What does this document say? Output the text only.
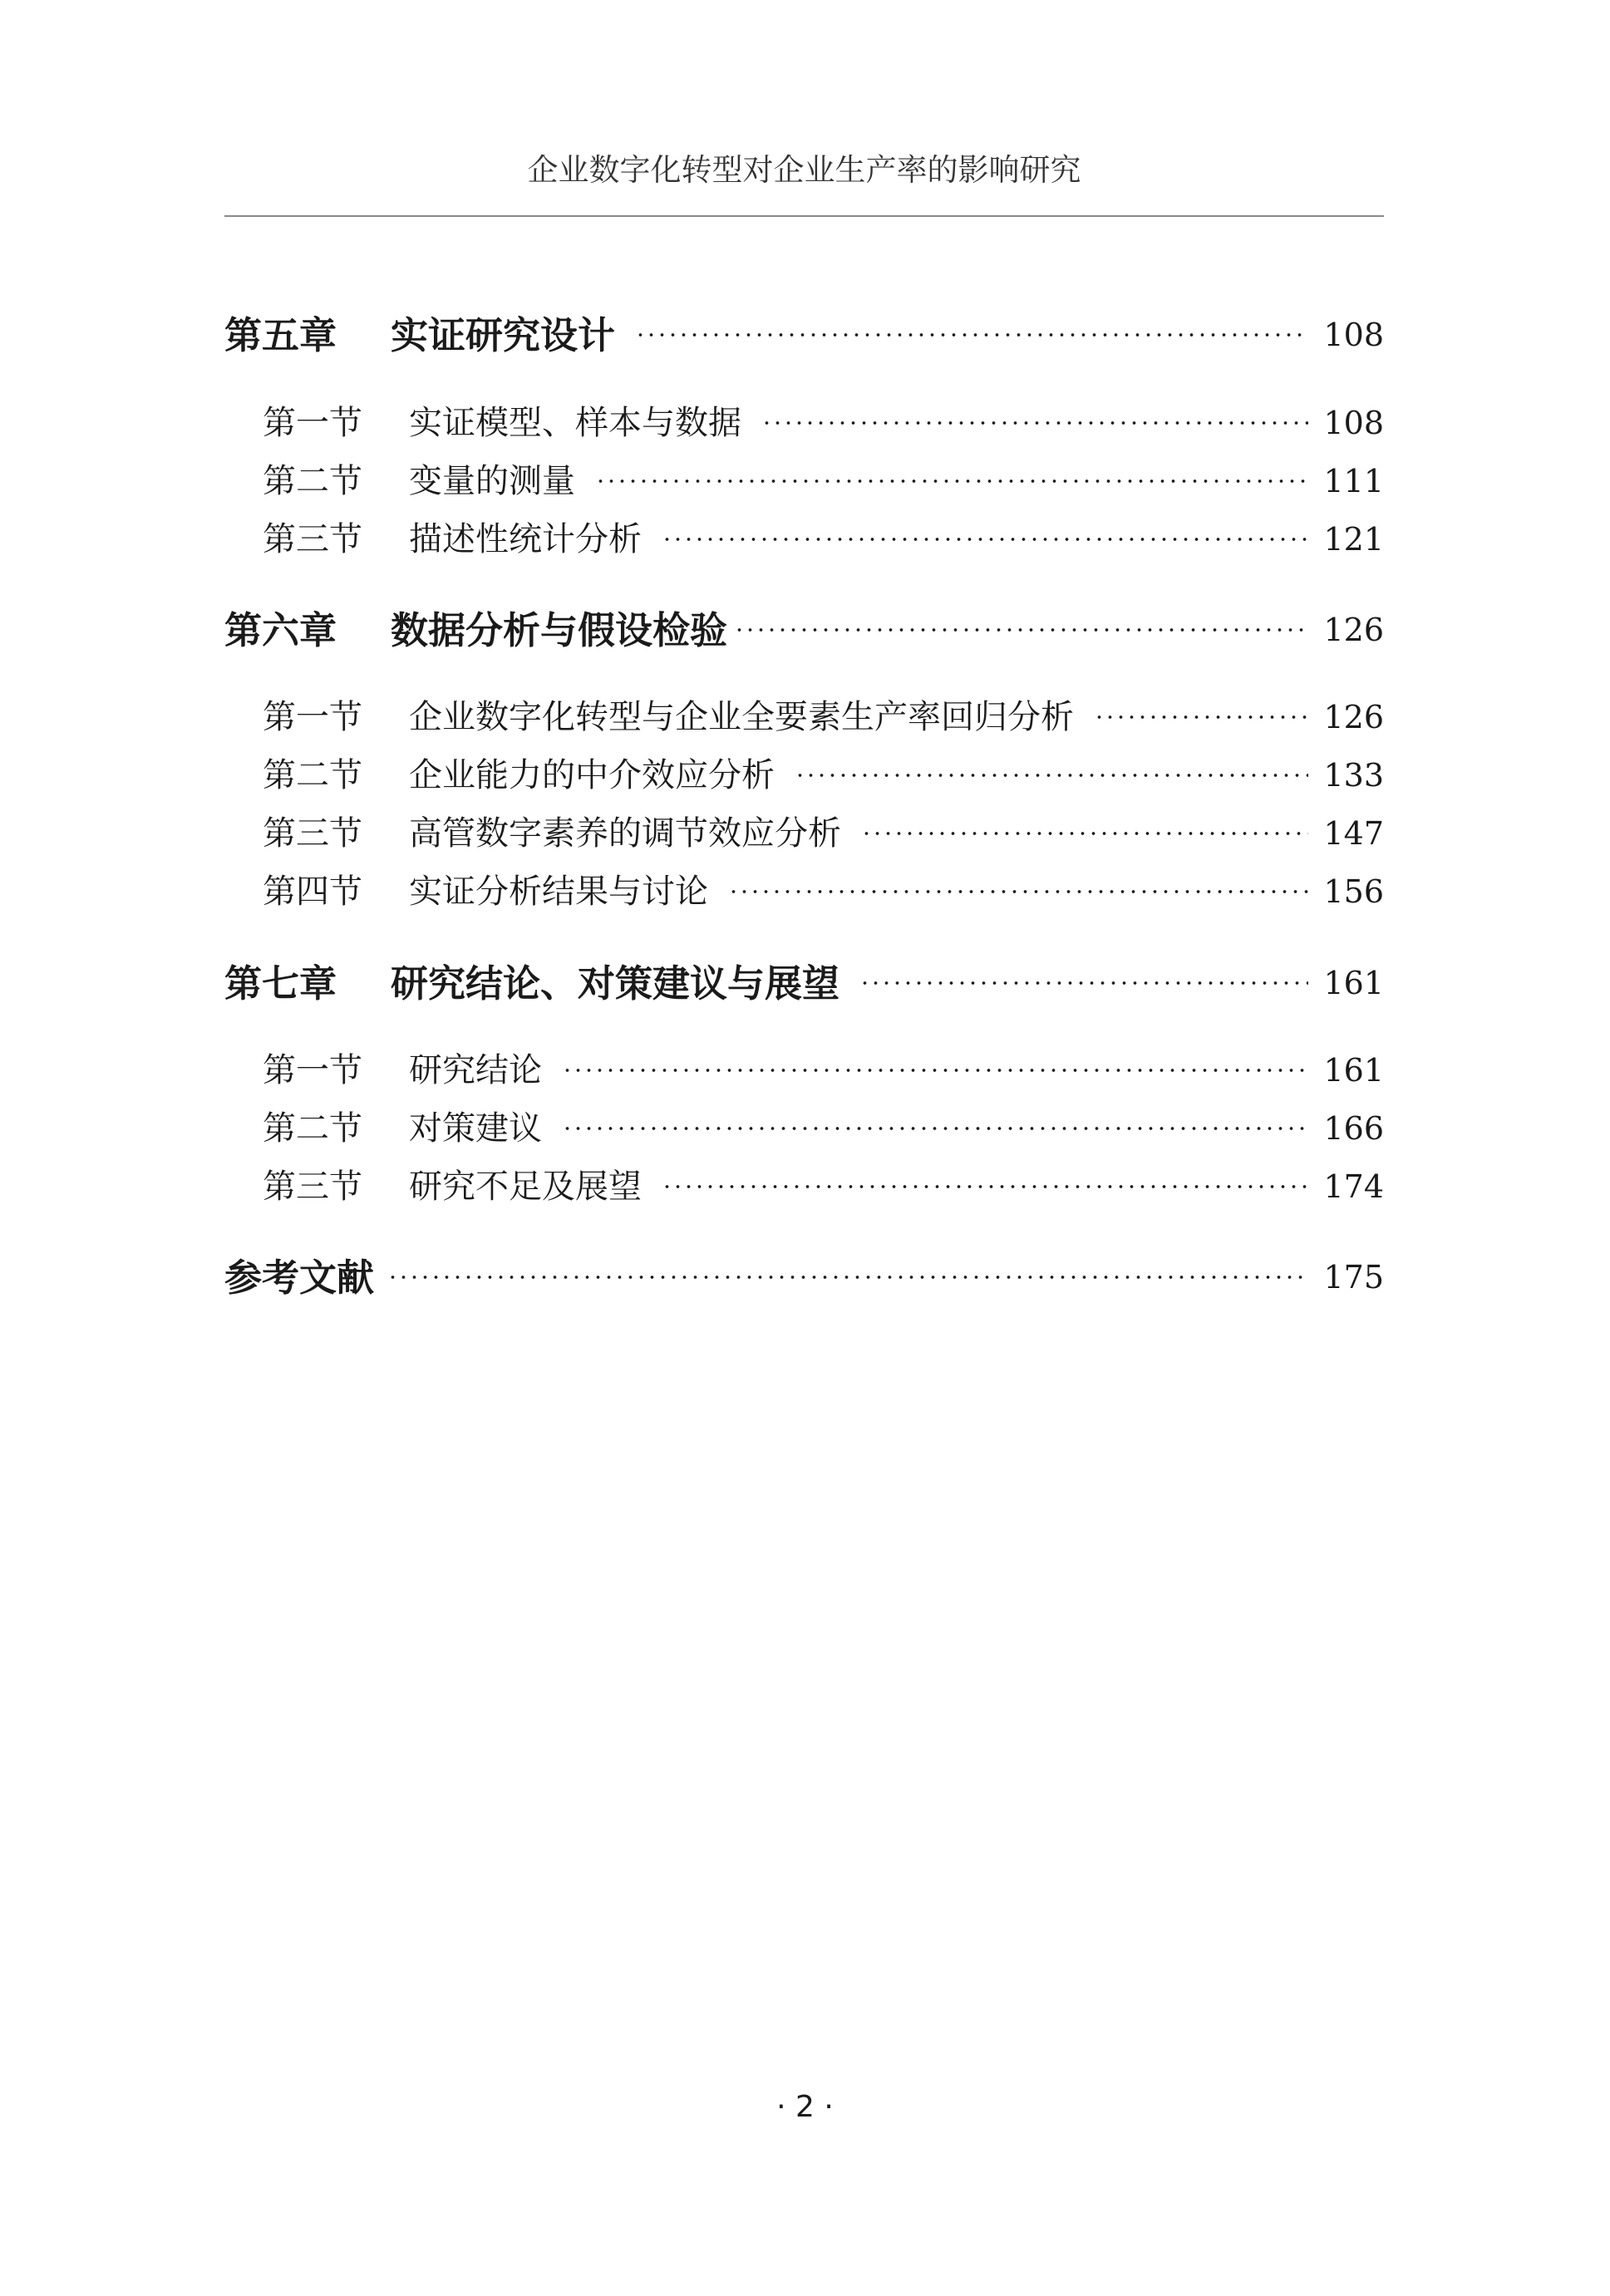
企业数字化转型对企业生产率的影响研究
第五章	实证研究设计	108
第一节	实证模型、样本与数据	108
第二节	变量的测量	111
第三节	描述性统计分析	121
第六章	数据分析与假设检验	126
第一节	企业数字化转型与企业全要素生产率回归分析	126
第二节	企业能力的中介效应分析	133
第三节	高管数字素养的调节效应分析	147
第四节	实证分析结果与讨论	156
第七章	研究结论、对策建议与展望	161
第一节	研究结论	161
第二节	对策建议	166
第三节	研究不足及展望	174
参考文献	175
· 2 ·
